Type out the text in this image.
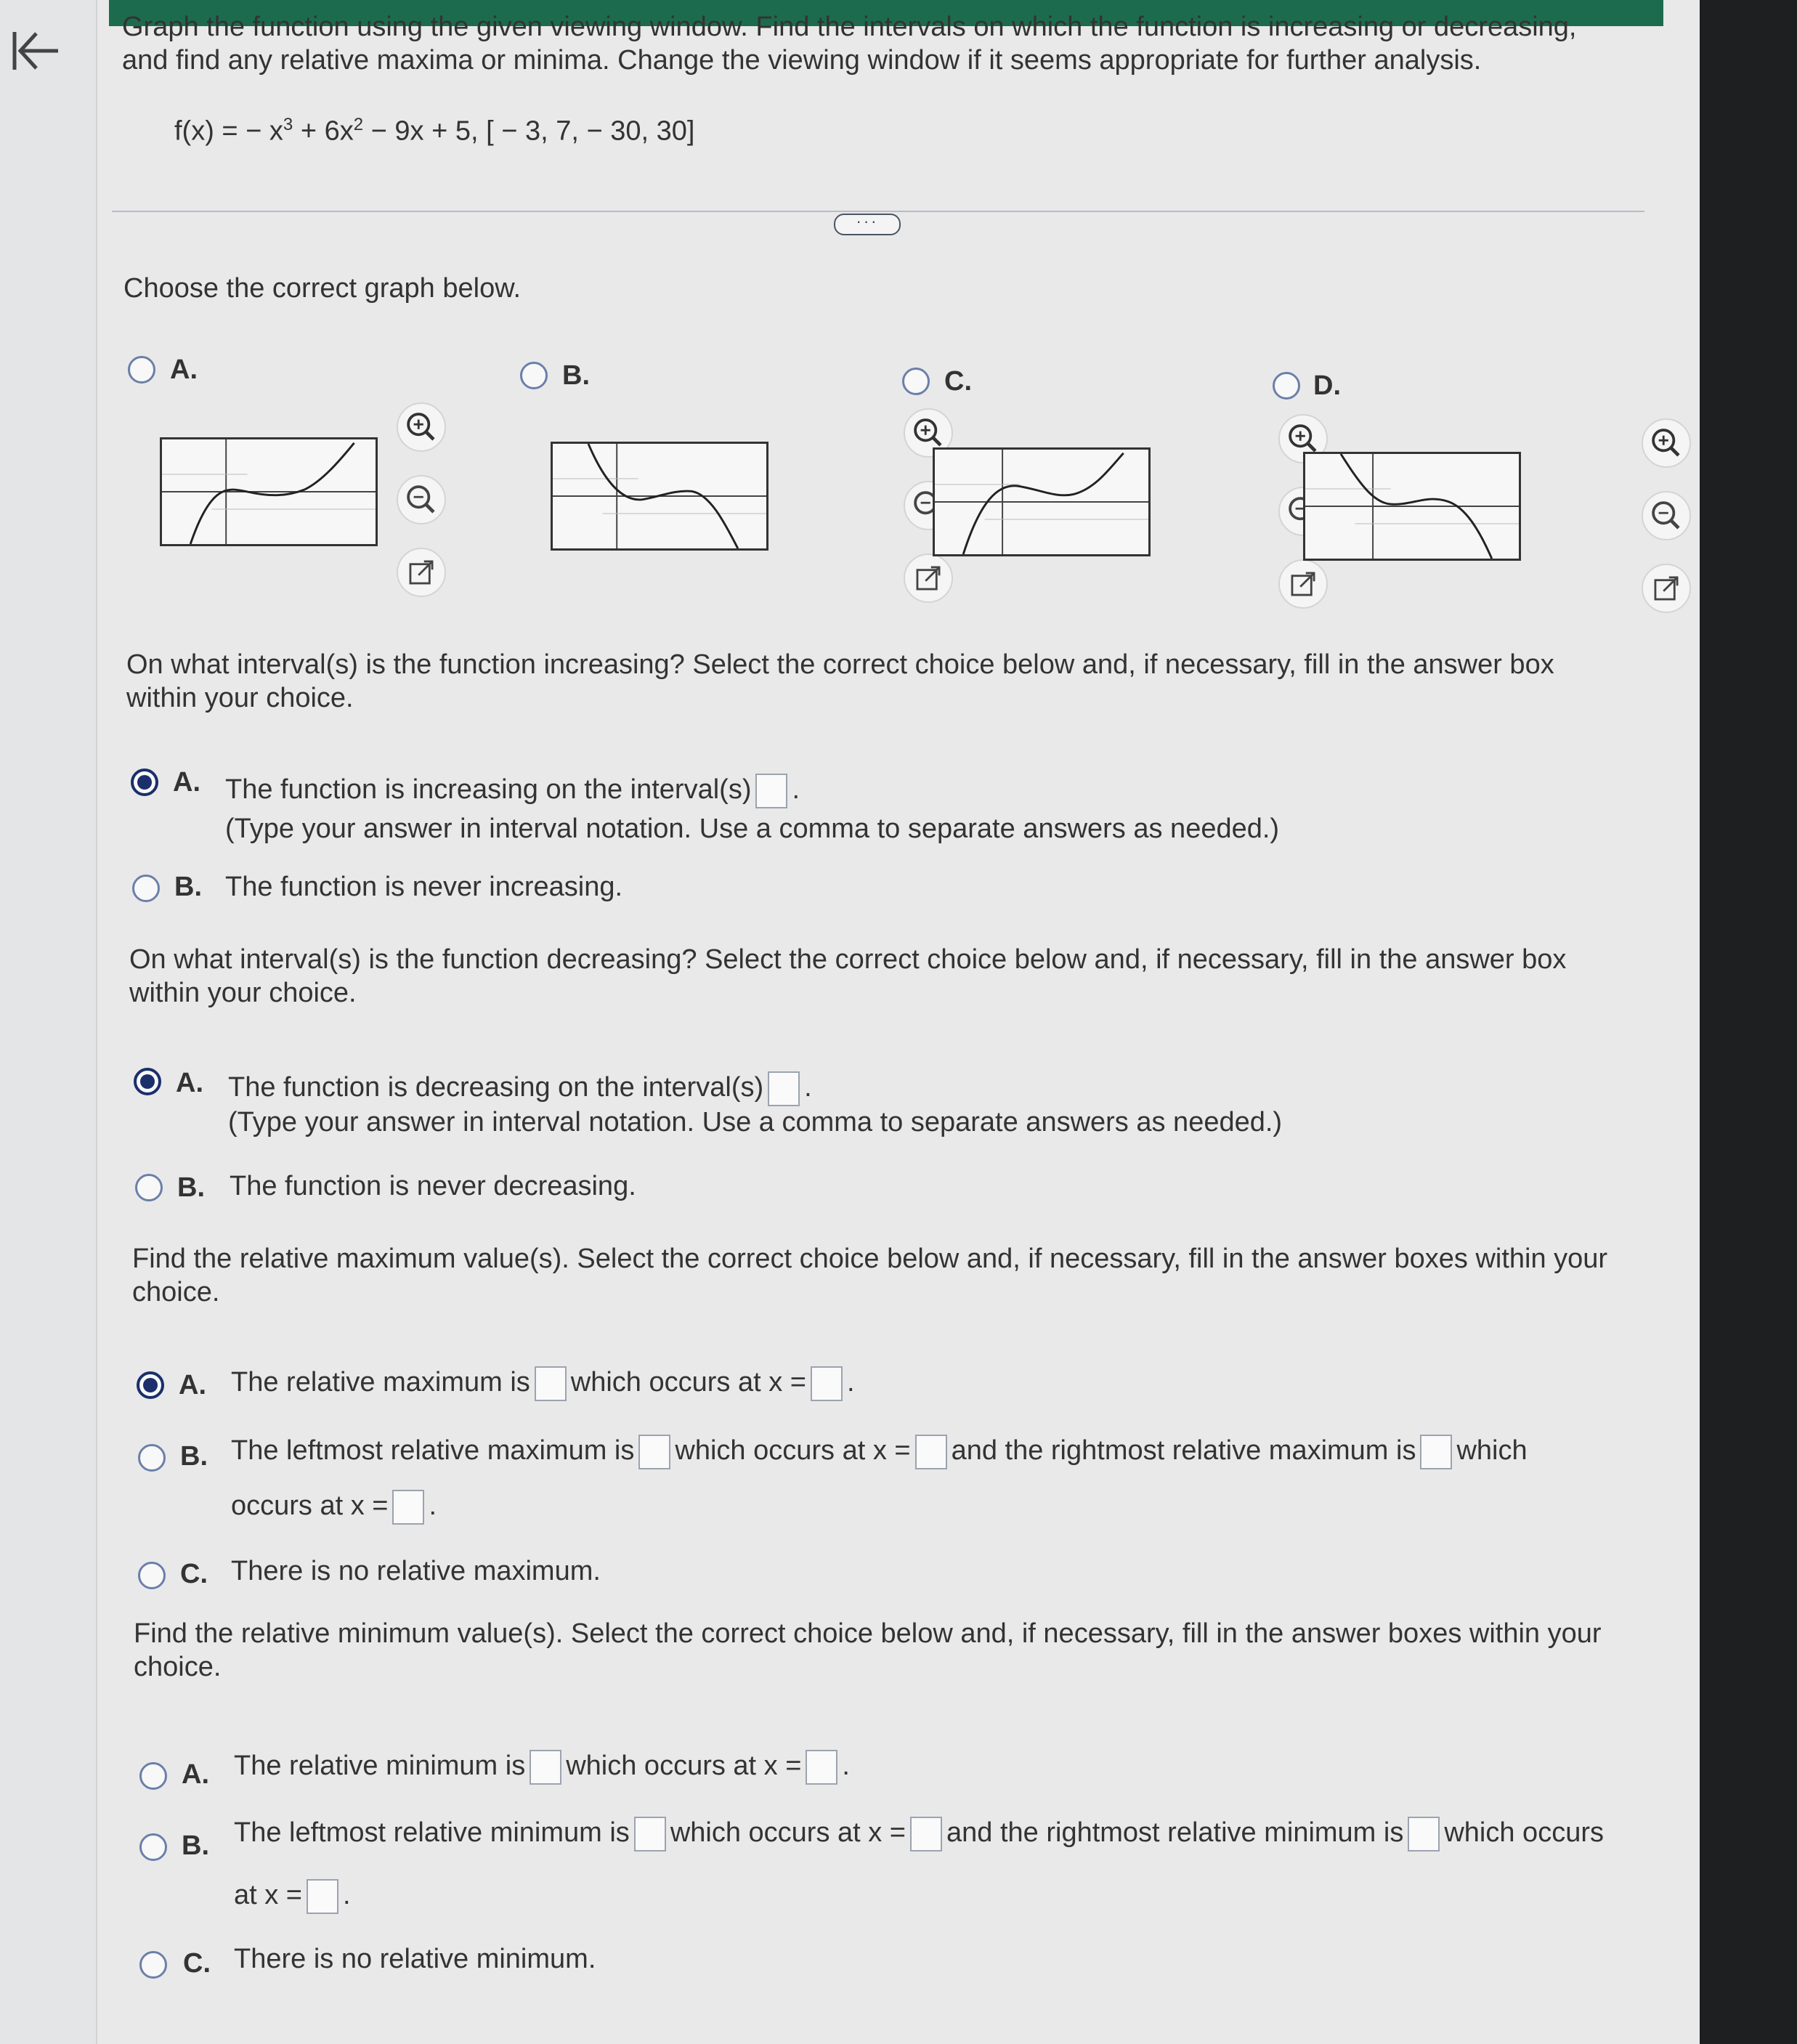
Graph the function using the given viewing window. Find the intervals on which the function is increasing or decreasing, and find any relative maxima or minima. Change the viewing window if it seems appropriate for further analysis.
f(x) = − $x^3 + 6x^2 - 9x + 5$, [ − 3, 7, − 30, 30]
···
Choose the correct graph below.
A.	B.	C.	D.
On what interval(s) is the function increasing? Select the correct choice below and, if necessary, fill in the answer box within your choice.
A. The function is increasing on the interval(s) .
(Type your answer in interval notation. Use a comma to separate answers as needed.)
B. The function is never increasing.
On what interval(s) is the function decreasing? Select the correct choice below and, if necessary, fill in the answer box within your choice.
A. The function is decreasing on the interval(s) .
(Type your answer in interval notation. Use a comma to separate answers as needed.)
B. The function is never decreasing.
Find the relative maximum value(s). Select the correct choice below and, if necessary, fill in the answer boxes within your choice.
A. The relative maximum is which occurs at x = .
B. The leftmost relative maximum is which occurs at x = and the rightmost relative maximum is which
occurs at x = .
C. There is no relative maximum.
Find the relative minimum value(s). Select the correct choice below and, if necessary, fill in the answer boxes within your choice.
A. The relative minimum is which occurs at x = .
B. The leftmost relative minimum is which occurs at x = and the rightmost relative minimum is which occurs
at x = .
C. There is no relative minimum.
